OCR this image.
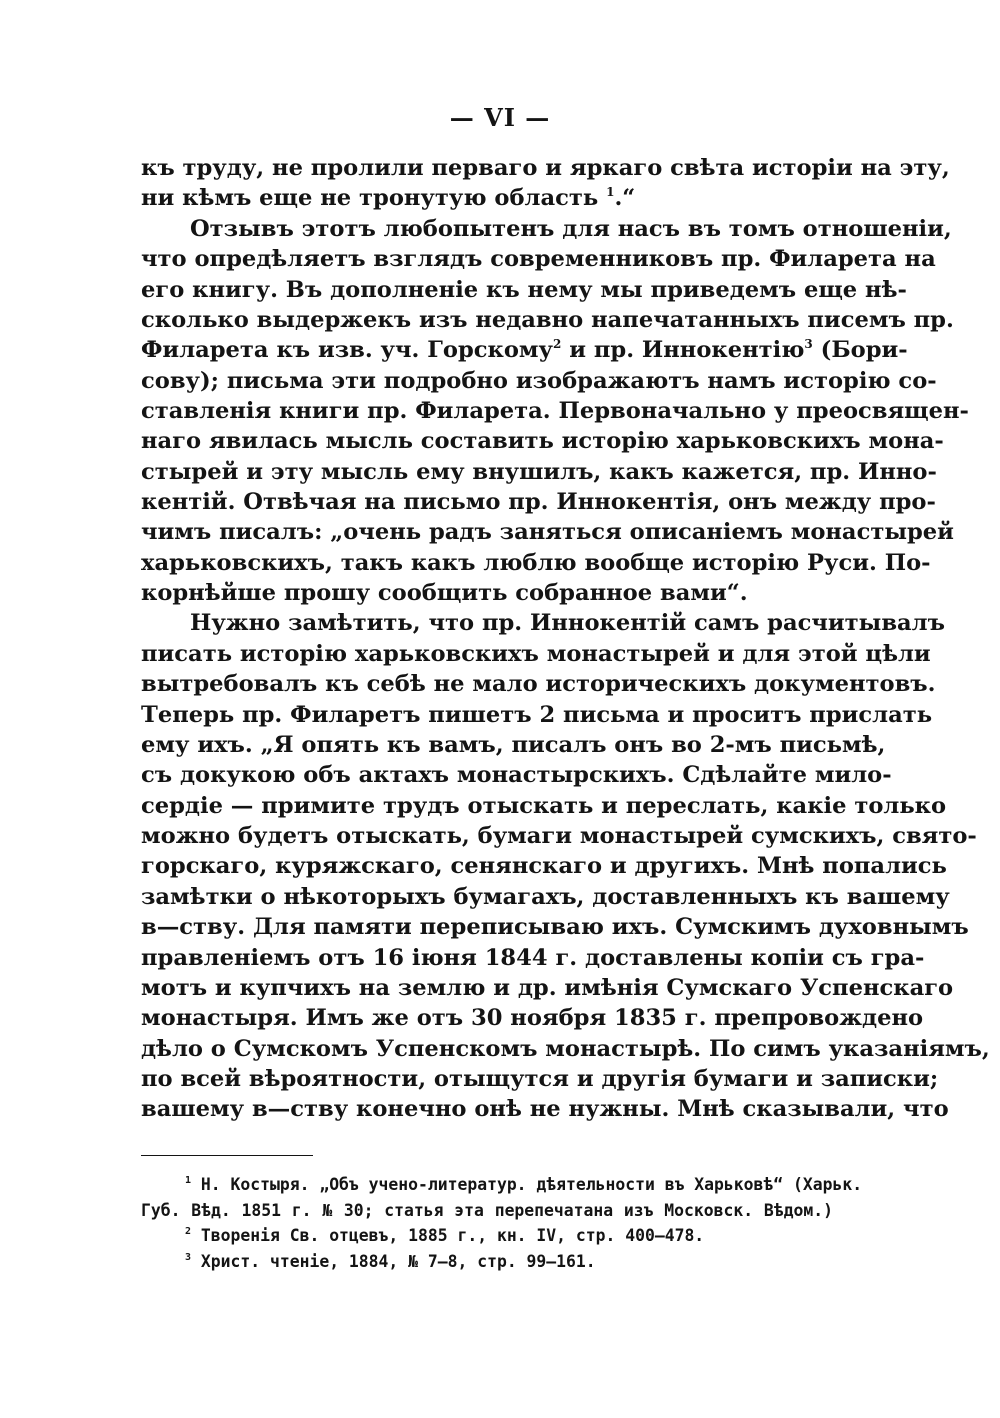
— VI —
къ труду, не пролили перваго и яркаго свѣта исторіи на эту,
ни кѣмъ еще не тронутую область $^1$.“
Отзывъ этотъ любопытенъ для насъ въ томъ отношеніи,
что опредѣляетъ взглядъ современниковъ пр. Филарета на
его книгу. Въ дополненіе къ нему мы приведемъ еще нѣ-
сколько выдержекъ изъ недавно напечатанныхъ писемъ пр.
Филарета къ изв. уч. Горскому$^2$ и пр. Иннокентію$^3$ (Бори-
сову); письма эти подробно изображаютъ намъ исторію со-
ставленія книги пр. Филарета. Первоначально у преосвящен-
наго явилась мысль составить исторію харьковскихъ мона-
стырей и эту мысль ему внушилъ, какъ кажется, пр. Инно-
кентій. Отвѣчая на письмо пр. Иннокентія, онъ между про-
чимъ писалъ: „очень радъ заняться описаніемъ монастырей
харьковскихъ, такъ какъ люблю вообще исторію Руси. По-
корнѣйше прошу сообщить собранное вами“.
Нужно замѣтить, что пр. Иннокентій самъ расчитывалъ
писать исторію харьковскихъ монастырей и для этой цѣли
вытребовалъ къ себѣ не мало историческихъ документовъ.
Теперь пр. Филаретъ пишетъ 2 письма и проситъ прислать
ему ихъ. „Я опять къ вамъ, писалъ онъ во 2-мъ письмѣ,
съ докукою объ актахъ монастырскихъ. Сдѣлайте мило-
сердіе — примите трудъ отыскать и переслать, какіе только
можно будетъ отыскать, бумаги монастырей сумскихъ, свято-
горскаго, куряжскаго, сенянскаго и другихъ. Мнѣ попались
замѣтки о нѣкоторыхъ бумагахъ, доставленныхъ къ вашему
в—ству. Для памяти переписываю ихъ. Сумскимъ духовнымъ
правленіемъ отъ 16 іюня 1844 г. доставлены копіи съ гра-
мотъ и купчихъ на землю и др. имѣнія Сумскаго Успенскаго
монастыря. Имъ же отъ 30 ноября 1835 г. препровождено
дѣло о Сумскомъ Успенскомъ монастырѣ. По симъ указаніямъ,
по всей вѣроятности, отыщутся и другія бумаги и записки;
вашему в—ству конечно онѣ не нужны. Мнѣ сказывали, что
$^1$ Н. Костыря. „Объ учено-литератур. дѣятельности въ Харьковѣ“ (Харьк.
Губ. Вѣд. 1851 г. № 30; статья эта перепечатана изъ Московск. Вѣдом.)
$^2$ Творенія Св. отцевъ, 1885 г., кн. IV, стр. 400—478.
$^3$ Христ. чтеніе, 1884, № 7—8, стр. 99—161.
